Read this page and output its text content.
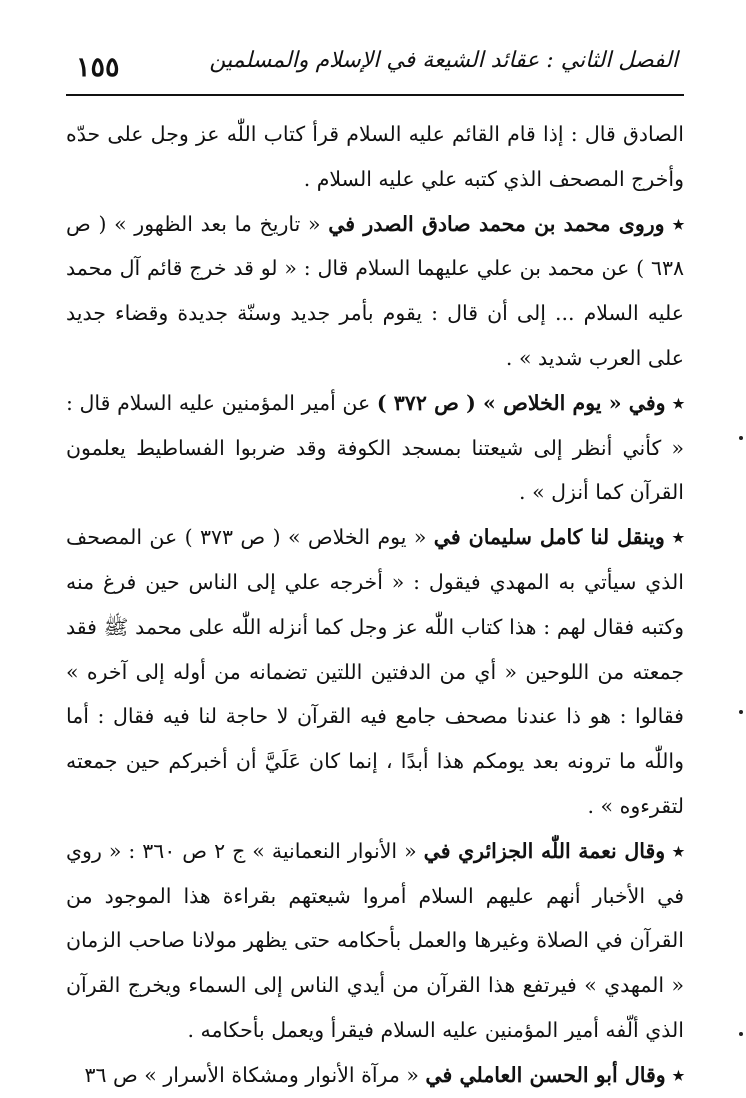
١٥٥	الفصل الثاني : عقائد الشيعة في الإسلام والمسلمين

الصادق قال : إذا قام القائم عليه السلام قرأ كتاب اللّٰه عز وجل على حدّه وأخرج المصحف الذي كتبه علي عليه السلام .

٭ وروى محمد بن محمد صادق الصدر في « تاريخ ما بعد الظهور » ( ص ٦٣٨ ) عن محمد بن علي عليهما السلام قال : « لو قد خرج قائم آل محمد عليه السلام ... إلى أن قال : يقوم بأمر جديد وسنّة جديدة وقضاء جديد على العرب شديد » .

٭ وفي « يوم الخلاص » ( ص ٣٧٢ ) عن أمير المؤمنين عليه السلام قال : « كأني أنظر إلى شيعتنا بمسجد الكوفة وقد ضربوا الفساطيط يعلمون القرآن كما أنزل » .

٭ وينقل لنا كامل سليمان في « يوم الخلاص » ( ص ٣٧٣ ) عن المصحف الذي سيأتي به المهدي فيقول : « أخرجه علي إلى الناس حين فرغ منه وكتبه فقال لهم : هذا كتاب اللّٰه عز وجل كما أنزله اللّٰه على محمد ﷺ فقد جمعته من اللوحين « أي من الدفتين اللتين تضمانه من أوله إلى آخره » فقالوا : هو ذا عندنا مصحف جامع فيه القرآن لا حاجة لنا فيه فقال : أما واللّٰه ما ترونه بعد يومكم هذا أبدًا ، إنما كان عَلَيَّ أن أخبركم حين جمعته لتقرءوه » .

٭ وقال نعمة اللّٰه الجزائري في « الأنوار النعمانية » ج ٢ ص ٣٦٠ : « روي في الأخبار أنهم عليهم السلام أمروا شيعتهم بقراءة هذا الموجود من القرآن في الصلاة وغيرها والعمل بأحكامه حتى يظهر مولانا صاحب الزمان « المهدي » فيرتفع هذا القرآن من أيدي الناس إلى السماء ويخرج القرآن الذي ألّفه أمير المؤمنين عليه السلام فيقرأ ويعمل بأحكامه .

٭ وقال أبو الحسن العاملي في « مرآة الأنوار ومشكاة الأسرار » ص ٣٦
